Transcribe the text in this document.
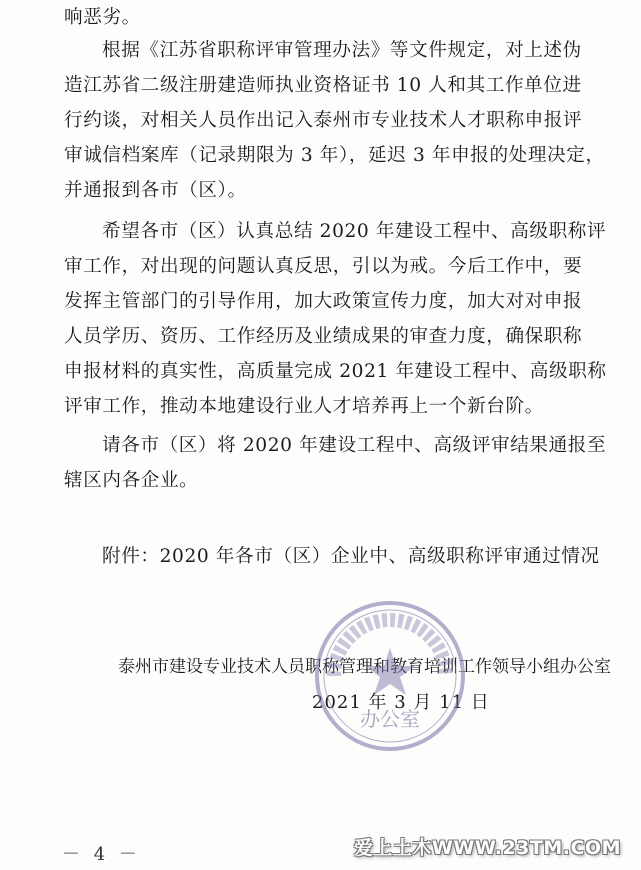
响恶劣。
根据《江苏省职称评审管理办法》等文件规定，对上述伪
造江苏省二级注册建造师执业资格证书 10 人和其工作单位进
行约谈，对相关人员作出记入泰州市专业技术人才职称申报评
审诚信档案库（记录期限为 3 年），延迟 3 年申报的处理决定，
并通报到各市（区）。
希望各市（区）认真总结 2020 年建设工程中、高级职称评
审工作，对出现的问题认真反思，引以为戒。今后工作中，要
发挥主管部门的引导作用，加大政策宣传力度，加大对对申报
人员学历、资历、工作经历及业绩成果的审查力度，确保职称
申报材料的真实性，高质量完成 2021 年建设工程中、高级职称
评审工作，推动本地建设行业人才培养再上一个新台阶。
请各市（区）将 2020 年建设工程中、高级评审结果通报至
辖区内各企业。
附件：2020 年各市（区）企业中、高级职称评审通过情况
泰州市建设专业技术人员职称管理和教育培训工作领导小组办公室
2021 年 3 月 11 日
办公室
－ 4 －	爱上土木WWW.23TM.COM
